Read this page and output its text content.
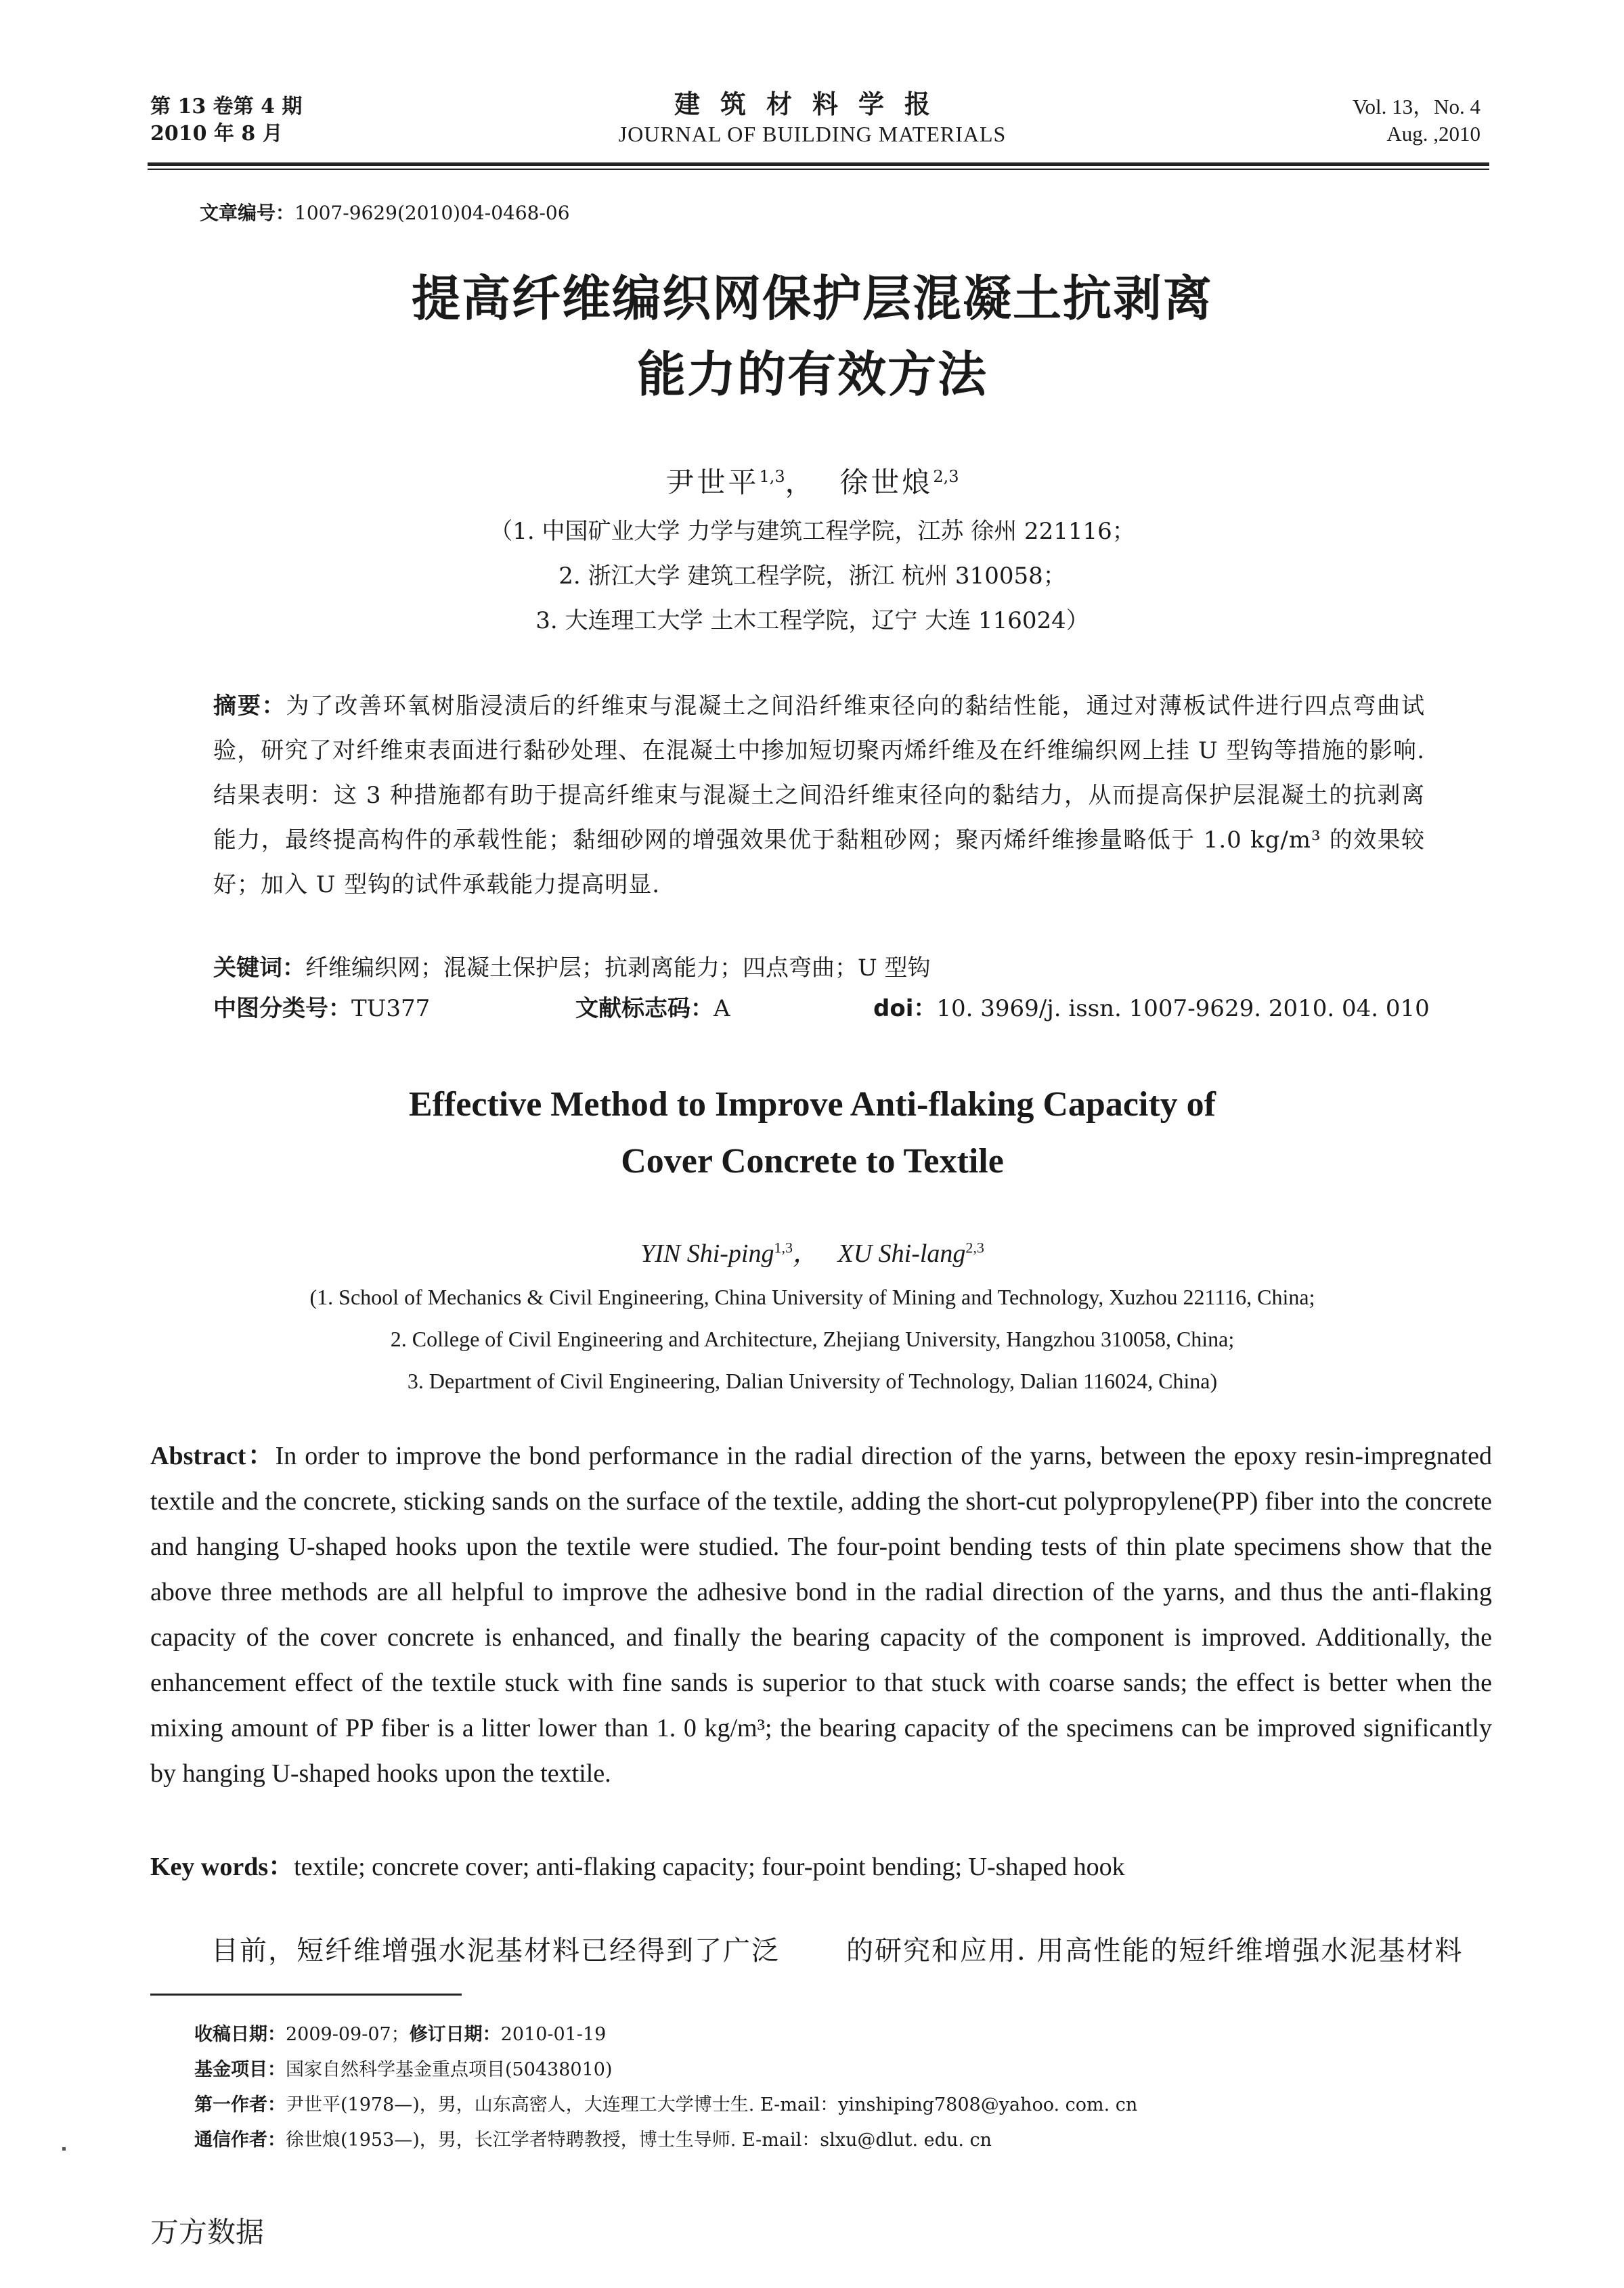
第 13 卷第 4 期
2010 年 8 月
建筑材料学报
JOURNAL OF BUILDING MATERIALS
Vol. 13，No. 4
Aug. ,2010
文章编号：1007-9629(2010)04-0468-06
提高纤维编织网保护层混凝土抗剥离
能力的有效方法
尹世平$^{1,3}$， 徐世烺$^{2,3}$
（1. 中国矿业大学 力学与建筑工程学院，江苏 徐州 221116；
2. 浙江大学 建筑工程学院，浙江 杭州 310058；
3. 大连理工大学 土木工程学院，辽宁 大连 116024）
摘要：为了改善环氧树脂浸渍后的纤维束与混凝土之间沿纤维束径向的黏结性能，通过对薄板试件进行四点弯曲试验，研究了对纤维束表面进行黏砂处理、在混凝土中掺加短切聚丙烯纤维及在纤维编织网上挂 U 型钩等措施的影响. 结果表明：这 3 种措施都有助于提高纤维束与混凝土之间沿纤维束径向的黏结力，从而提高保护层混凝土的抗剥离能力，最终提高构件的承载性能；黏细砂网的增强效果优于黏粗砂网；聚丙烯纤维掺量略低于 1.0 kg/m³ 的效果较好；加入 U 型钩的试件承载能力提高明显.
关键词：纤维编织网；混凝土保护层；抗剥离能力；四点弯曲；U 型钩
中图分类号：TU377	文献标志码：A	doi：10. 3969/j. issn. 1007-9629. 2010. 04. 010
Effective Method to Improve Anti-flaking Capacity of
Cover Concrete to Textile
YIN Shi-ping$^{1,3}$， XU Shi-lang$^{2,3}$
(1. School of Mechanics & Civil Engineering, China University of Mining and Technology, Xuzhou 221116, China;
2. College of Civil Engineering and Architecture, Zhejiang University, Hangzhou 310058, China;
3. Department of Civil Engineering, Dalian University of Technology, Dalian 116024, China)
Abstract：In order to improve the bond performance in the radial direction of the yarns, between the epoxy resin-impregnated textile and the concrete, sticking sands on the surface of the textile, adding the short-cut polypropylene(PP) fiber into the concrete and hanging U-shaped hooks upon the textile were studied. The four-point bending tests of thin plate specimens show that the above three methods are all helpful to improve the adhesive bond in the radial direction of the yarns, and thus the anti-flaking capacity of the cover concrete is enhanced, and finally the bearing capacity of the component is improved. Additionally, the enhancement effect of the textile stuck with fine sands is superior to that stuck with coarse sands; the effect is better when the mixing amount of PP fiber is a litter lower than 1. 0 kg/m³; the bearing capacity of the specimens can be improved significantly by hanging U-shaped hooks upon the textile.
Key words：textile; concrete cover; anti-flaking capacity; four-point bending; U-shaped hook
目前，短纤维增强水泥基材料已经得到了广泛 的研究和应用. 用高性能的短纤维增强水泥基材料
收稿日期：2009-09-07；修订日期：2010-01-19
基金项目：国家自然科学基金重点项目(50438010)
第一作者：尹世平(1978—)，男，山东高密人，大连理工大学博士生. E-mail：yinshiping7808@yahoo. com. cn
通信作者：徐世烺(1953—)，男，长江学者特聘教授，博士生导师. E-mail：slxu@dlut. edu. cn
万方数据
